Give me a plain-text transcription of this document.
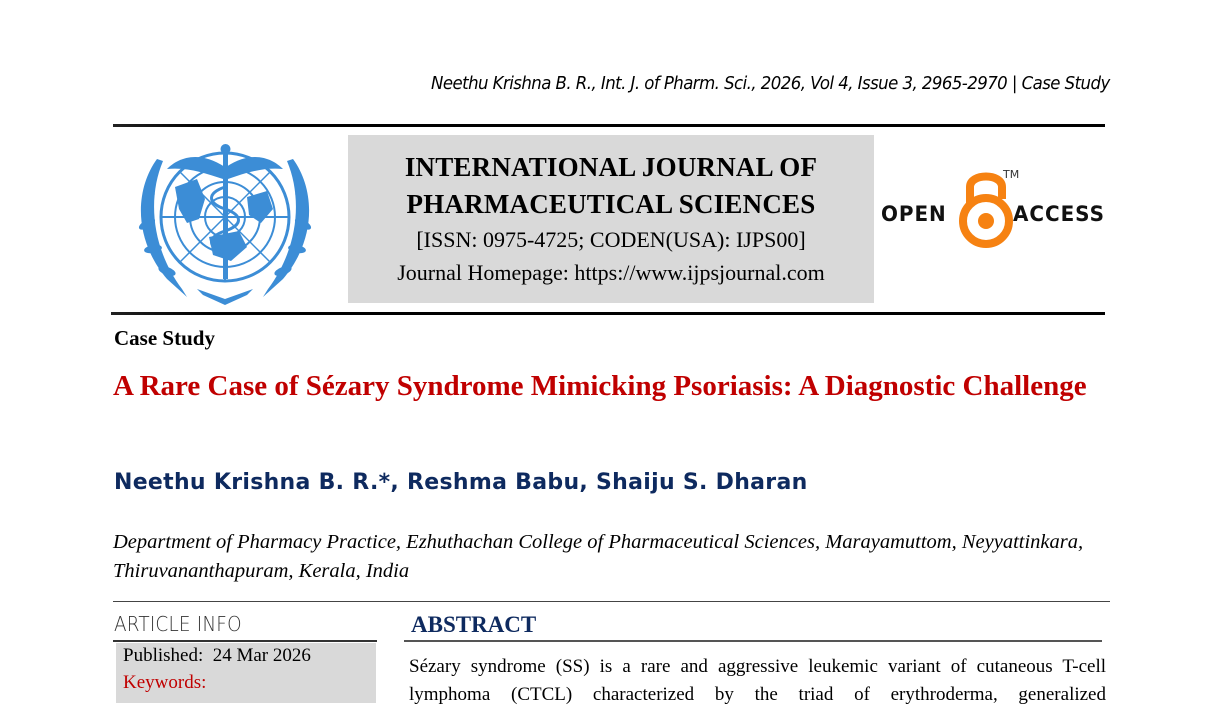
Neethu Krishna B. R., Int. J. of Pharm. Sci., 2026, Vol 4, Issue 3, 2965-2970 | Case Study
INTERNATIONAL JOURNAL OF
PHARMACEUTICAL SCIENCES
[ISSN: 0975-4725; CODEN(USA): IJPS00]
Journal Homepage: https://www.ijpsjournal.com
OPEN
TM
ACCESS
Case Study
A Rare Case of Sézary Syndrome Mimicking Psoriasis: A Diagnostic Challenge
Neethu Krishna B. R.*, Reshma Babu, Shaiju S. Dharan
Department of Pharmacy Practice, Ezhuthachan College of Pharmaceutical Sciences, Marayamuttom, Neyyattinkara, Thiruvananthapuram, Kerala, India
ARTICLE INFO
Published:  24 Mar 2026
Keywords:
ABSTRACT
Sézary syndrome (SS) is a rare and aggressive leukemic variant of cutaneous T-cell lymphoma (CTCL) characterized by the triad of erythroderma, generalized
